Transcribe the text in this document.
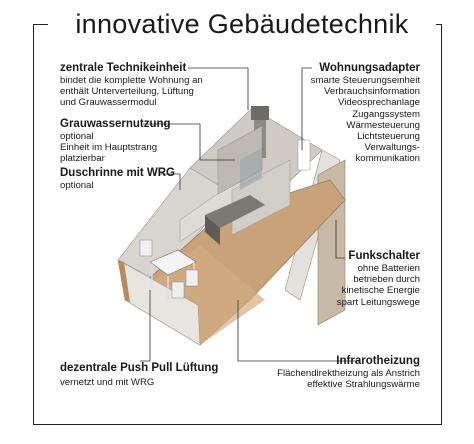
innovative Gebäudetechnik
zentrale Technikeinheit
bindet die komplette Wohnung an
enthält Unterverteilung, Lüftung
und Grauwassermodul
Grauwassernutzung
optional
Einheit im Hauptstrang
platzierbar
Duschrinne mit WRG
optional
dezentrale Push Pull Lüftung
vernetzt und mit WRG
Wohnungsadapter
smarte Steuerungseinheit
Verbrauchsinformation
Videosprechanlage
Zugangssystem
Wärmesteuerung
Lichtsteuerung
Verwaltungs-
kommunikation
Funkschalter
ohne Batterien
betrieben durch
kinetische Energie
spart Leitungswege
Infrarotheizung
Flächendirektheizung als Anstrich
effektive Strahlungswärme
